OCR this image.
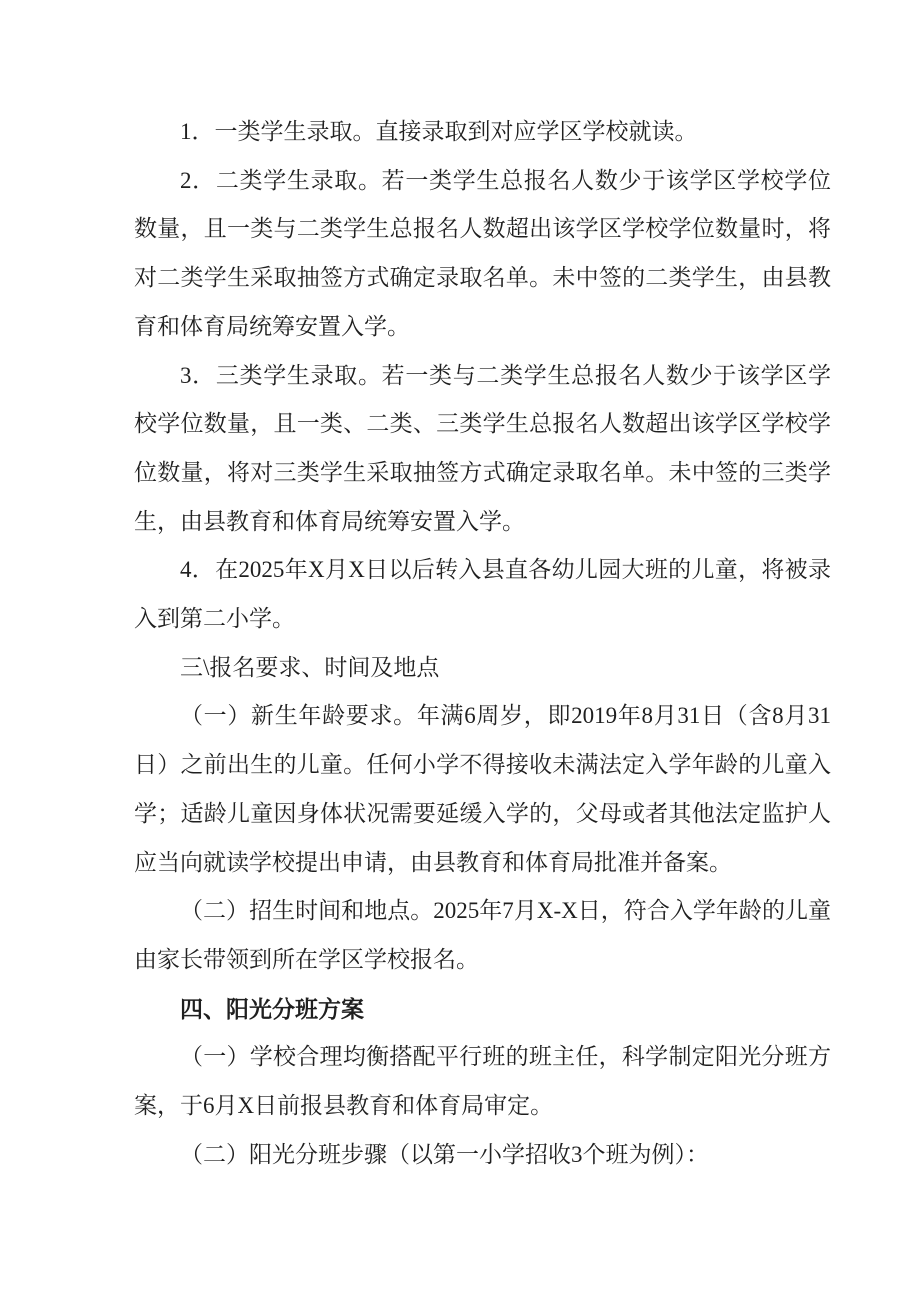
1．一类学生录取。直接录取到对应学区学校就读。

2．二类学生录取。若一类学生总报名人数少于该学区学校学位数量，且一类与二类学生总报名人数超出该学区学校学位数量时，将对二类学生采取抽签方式确定录取名单。未中签的二类学生，由县教育和体育局统筹安置入学。

3．三类学生录取。若一类与二类学生总报名人数少于该学区学校学位数量，且一类、二类、三类学生总报名人数超出该学区学校学位数量，将对三类学生采取抽签方式确定录取名单。未中签的三类学生，由县教育和体育局统筹安置入学。

4．在2025年X月X日以后转入县直各幼儿园大班的儿童，将被录入到第二小学。

三\报名要求、时间及地点

（一）新生年龄要求。年满6周岁，即2019年8月31日（含8月31日）之前出生的儿童。任何小学不得接收未满法定入学年龄的儿童入学；适龄儿童因身体状况需要延缓入学的，父母或者其他法定监护人应当向就读学校提出申请，由县教育和体育局批准并备案。

（二）招生时间和地点。2025年7月X-X日，符合入学年龄的儿童由家长带领到所在学区学校报名。

四、阳光分班方案

（一）学校合理均衡搭配平行班的班主任，科学制定阳光分班方案，于6月X日前报县教育和体育局审定。

（二）阳光分班步骤（以第一小学招收3个班为例）：
